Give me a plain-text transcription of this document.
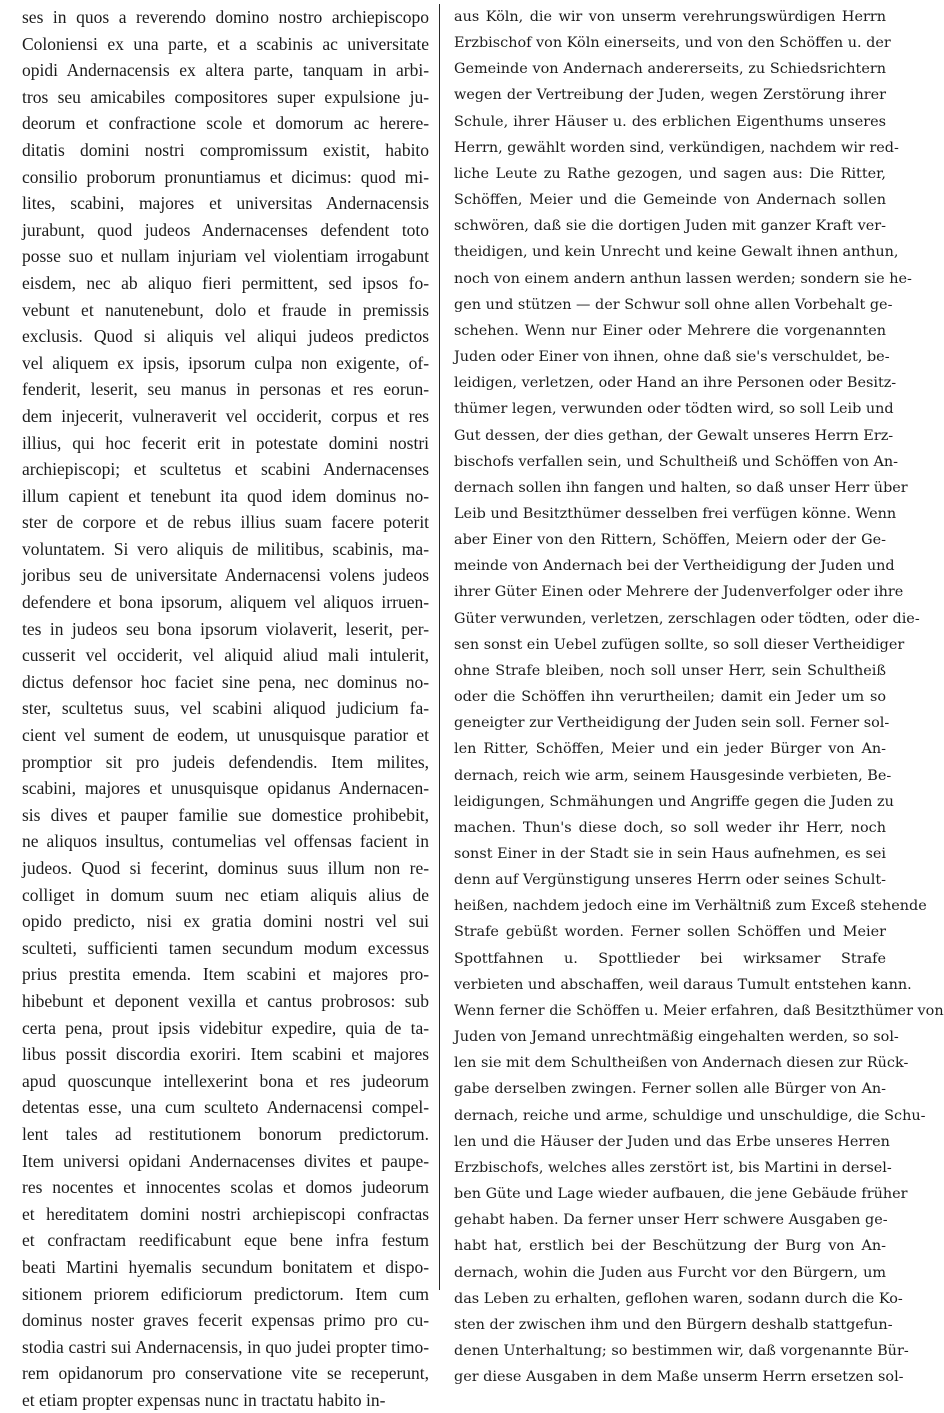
ses in quos a reverendo domino nostro archiepiscopo
Coloniensi ex una parte, et a scabinis ac universitate
opidi Andernacensis ex altera parte, tanquam in arbi-
tros seu amicabiles compositores super expulsione ju-
deorum et confractione scole et domorum ac herere-
ditatis domini nostri compromissum existit, habito
consilio proborum pronuntiamus et dicimus: quod mi-
lites, scabini, majores et universitas Andernacensis
jurabunt, quod judeos Andernacenses defendent toto
posse suo et nullam injuriam vel violentiam irrogabunt
eisdem, nec ab aliquo fieri permittent, sed ipsos fo-
vebunt et nanutenebunt, dolo et fraude in premissis
exclusis. Quod si aliquis vel aliqui judeos predictos
vel aliquem ex ipsis, ipsorum culpa non exigente, of-
fenderit, leserit, seu manus in personas et res eorun-
dem injecerit, vulneraverit vel occiderit, corpus et res
illius, qui hoc fecerit erit in potestate domini nostri
archiepiscopi; et scultetus et scabini Andernacenses
illum capient et tenebunt ita quod idem dominus no-
ster de corpore et de rebus illius suam facere poterit
voluntatem. Si vero aliquis de militibus, scabinis, ma-
joribus seu de universitate Andernacensi volens judeos
defendere et bona ipsorum, aliquem vel aliquos irruen-
tes in judeos seu bona ipsorum violaverit, leserit, per-
cusserit vel occiderit, vel aliquid aliud mali intulerit,
dictus defensor hoc faciet sine pena, nec dominus no-
ster, scultetus suus, vel scabini aliquod judicium fa-
cient vel sument de eodem, ut unusquisque paratior et
promptior sit pro judeis defendendis. Item milites,
scabini, majores et unusquisque opidanus Andernacen-
sis dives et pauper familie sue domestice prohibebit,
ne aliquos insultus, contumelias vel offensas facient in
judeos. Quod si fecerint, dominus suus illum non re-
colliget in domum suum nec etiam aliquis alius de
opido predicto, nisi ex gratia domini nostri vel sui
sculteti, sufficienti tamen secundum modum excessus
prius prestita emenda. Item scabini et majores pro-
hibebunt et deponent vexilla et cantus probrosos: sub
certa pena, prout ipsis videbitur expedire, quia de ta-
libus possit discordia exoriri. Item scabini et majores
apud quoscunque intellexerint bona et res judeorum
detentas esse, una cum sculteto Andernacensi compel-
lent tales ad restitutionem bonorum predictorum.
Item universi opidani Andernacenses divites et paupe-
res nocentes et innocentes scolas et domos judeorum
et hereditatem domini nostri archiepiscopi confractas
et confractam reedificabunt eque bene infra festum
beati Martini hyemalis secundum bonitatem et dispo-
sitionem priorem edificiorum predictorum. Item cum
dominus noster graves fecerit expensas primo pro cu-
stodia castri sui Andernacensis, in quo judei propter timo-
rem opidanorum pro conservatione vite se receperunt,
et etiam propter expensas nunc in tractatu habito in-
aus Köln, die wir von unserm verehrungswürdigen Herrn
Erzbischof von Köln einerseits, und von den Schöffen u. der
Gemeinde von Andernach andererseits, zu Schiedsrichtern
wegen der Vertreibung der Juden, wegen Zerstörung ihrer
Schule, ihrer Häuser u. des erblichen Eigenthums unseres
Herrn, gewählt worden sind, verkündigen, nachdem wir red-
liche Leute zu Rathe gezogen, und sagen aus: Die Ritter,
Schöffen, Meier und die Gemeinde von Andernach sollen
schwören, daß sie die dortigen Juden mit ganzer Kraft ver-
theidigen, und kein Unrecht und keine Gewalt ihnen anthun,
noch von einem andern anthun lassen werden; sondern sie he-
gen und stützen — der Schwur soll ohne allen Vorbehalt ge-
schehen. Wenn nur Einer oder Mehrere die vorgenannten
Juden oder Einer von ihnen, ohne daß sie's verschuldet, be-
leidigen, verletzen, oder Hand an ihre Personen oder Besitz-
thümer legen, verwunden oder tödten wird, so soll Leib und
Gut dessen, der dies gethan, der Gewalt unseres Herrn Erz-
bischofs verfallen sein, und Schultheiß und Schöffen von An-
dernach sollen ihn fangen und halten, so daß unser Herr über
Leib und Besitzthümer desselben frei verfügen könne. Wenn
aber Einer von den Rittern, Schöffen, Meiern oder der Ge-
meinde von Andernach bei der Vertheidigung der Juden und
ihrer Güter Einen oder Mehrere der Judenverfolger oder ihre
Güter verwunden, verletzen, zerschlagen oder tödten, oder die-
sen sonst ein Uebel zufügen sollte, so soll dieser Vertheidiger
ohne Strafe bleiben, noch soll unser Herr, sein Schultheiß
oder die Schöffen ihn verurtheilen; damit ein Jeder um so
geneigter zur Vertheidigung der Juden sein soll. Ferner sol-
len Ritter, Schöffen, Meier und ein jeder Bürger von An-
dernach, reich wie arm, seinem Hausgesinde verbieten, Be-
leidigungen, Schmähungen und Angriffe gegen die Juden zu
machen. Thun's diese doch, so soll weder ihr Herr, noch
sonst Einer in der Stadt sie in sein Haus aufnehmen, es sei
denn auf Vergünstigung unseres Herrn oder seines Schult-
heißen, nachdem jedoch eine im Verhältniß zum Exceß stehende
Strafe gebüßt worden. Ferner sollen Schöffen und Meier
Spottfahnen u. Spottlieder bei wirksamer Strafe
verbieten und abschaffen, weil daraus Tumult entstehen kann.
Wenn ferner die Schöffen u. Meier erfahren, daß Besitzthümer von
Juden von Jemand unrechtmäßig eingehalten werden, so sol-
len sie mit dem Schultheißen von Andernach diesen zur Rück-
gabe derselben zwingen. Ferner sollen alle Bürger von An-
dernach, reiche und arme, schuldige und unschuldige, die Schu-
len und die Häuser der Juden und das Erbe unseres Herren
Erzbischofs, welches alles zerstört ist, bis Martini in dersel-
ben Güte und Lage wieder aufbauen, die jene Gebäude früher
gehabt haben. Da ferner unser Herr schwere Ausgaben ge-
habt hat, erstlich bei der Beschützung der Burg von An-
dernach, wohin die Juden aus Furcht vor den Bürgern, um
das Leben zu erhalten, geflohen waren, sodann durch die Ko-
sten der zwischen ihm und den Bürgern deshalb stattgefun-
denen Unterhaltung; so bestimmen wir, daß vorgenannte Bür-
ger diese Ausgaben in dem Maße unserm Herrn ersetzen sol-
